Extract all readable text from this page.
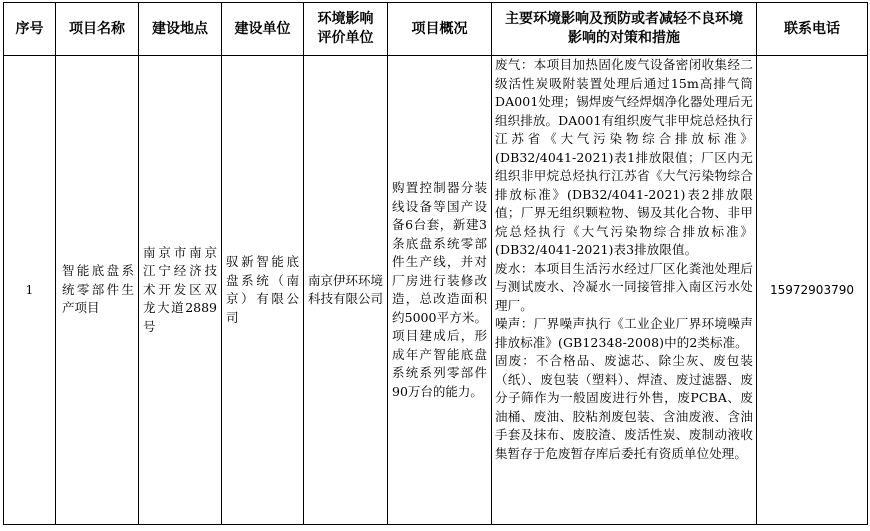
序号	项目名称	建设地点	建设单位	环境影响评价单位	项目概况	主要环境影响及预防或者减轻不良环境影响的对策和措施	联系电话
1	智能底盘系统零部件生产项目	南京市南京江宁经济技术开发区双龙大道2889号	驭新智能底盘系统（南京）有限公司	南京伊环环境科技有限公司	购置控制器分装线设备等国产设备6台套，新建3条底盘系统零部件生产线，并对厂房进行装修改造，总改造面积约5000平方米。项目建成后，形成年产智能底盘系统系列零部件90万台的能力。	废气：本项目加热固化废气设备密闭收集经二级活性炭吸附装置处理后通过15m高排气筒DA001处理；锡焊废气经焊烟净化器处理后无组织排放。DA001有组织废气非甲烷总烃执行江苏省《大气污染物综合排放标准》(DB32/4041-2021)表1排放限值；厂区内无组织非甲烷总烃执行江苏省《大气污染物综合排放标准》(DB32/4041-2021)表2排放限值；厂界无组织颗粒物、锡及其化合物、非甲烷总烃执行《大气污染物综合排放标准》(DB32/4041-2021)表3排放限值。

废水：本项目生活污水经过厂区化粪池处理后与测试废水、冷凝水一同接管排入南区污水处理厂。

噪声：厂界噪声执行《工业企业厂界环境噪声排放标准》(GB12348-2008)中的2类标准。

固废：不合格品、废滤芯、除尘灰、废包装（纸）、废包装（塑料）、焊渣、废过滤器、废分子筛作为一般固废进行外售，废PCBA、废油桶、废油、胶粘剂废包装、含油废液、含油手套及抹布、废胶渣、废活性炭、废制动液收集暂存于危废暂存库后委托有资质单位处理。	15972903790
